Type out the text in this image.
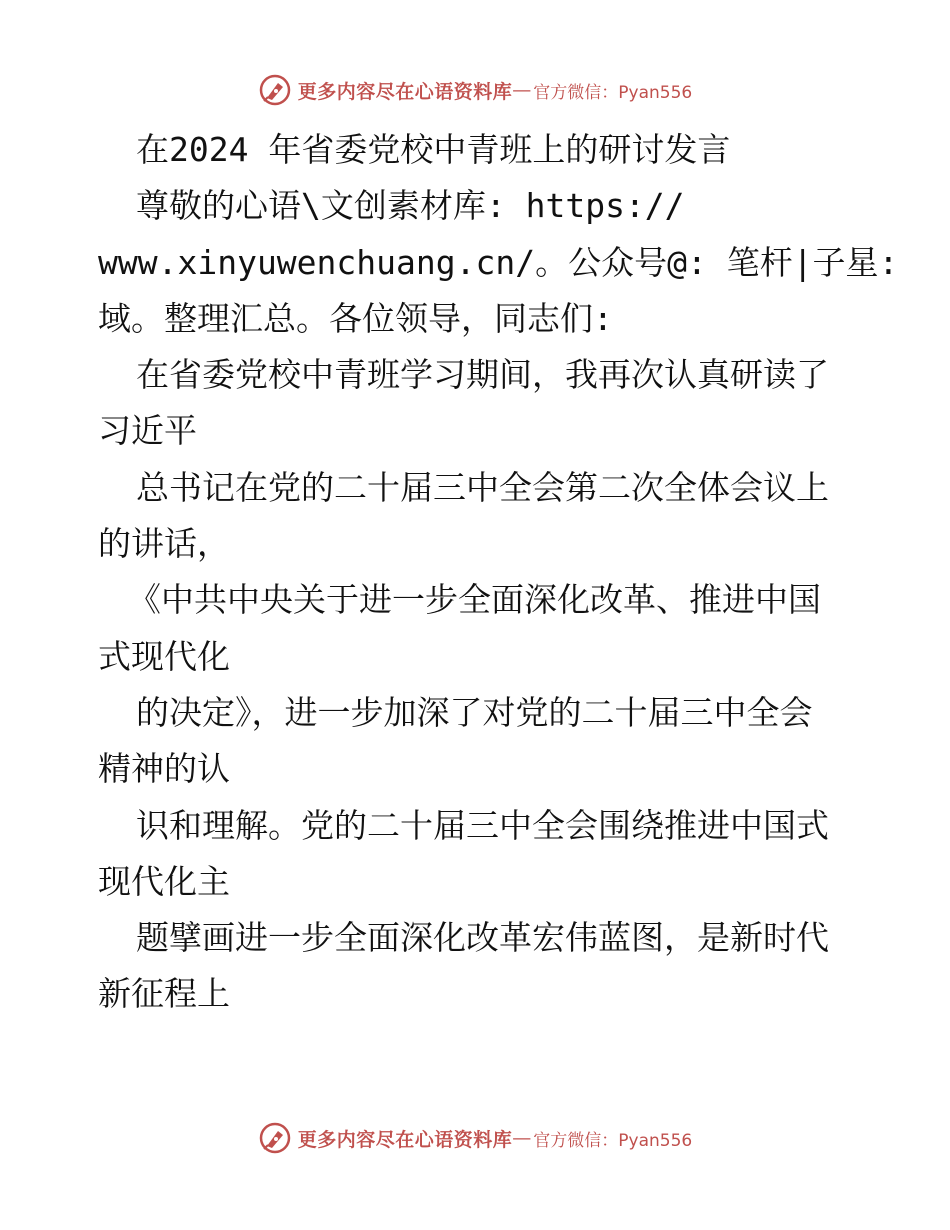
更多内容尽在心语资料库 — 官方微信：Pyan556
在2024 年省委党校中青班上的研讨发言
尊敬的心语\文创素材库: https://
www.xinyuwenchuang.cn/。公众号@: 笔杆|子星:
域。整理汇总。各位领导，同志们:
在省委党校中青班学习期间，我再次认真研读了
习近平
总书记在党的二十届三中全会第二次全体会议上
的讲话，
《中共中央关于进一步全面深化改革、推进中国
式现代化
的决定》，进一步加深了对党的二十届三中全会
精神的认
识和理解。党的二十届三中全会围绕推进中国式
现代化主
题擘画进一步全面深化改革宏伟蓝图，是新时代
新征程上
更多内容尽在心语资料库 — 官方微信：Pyan556
